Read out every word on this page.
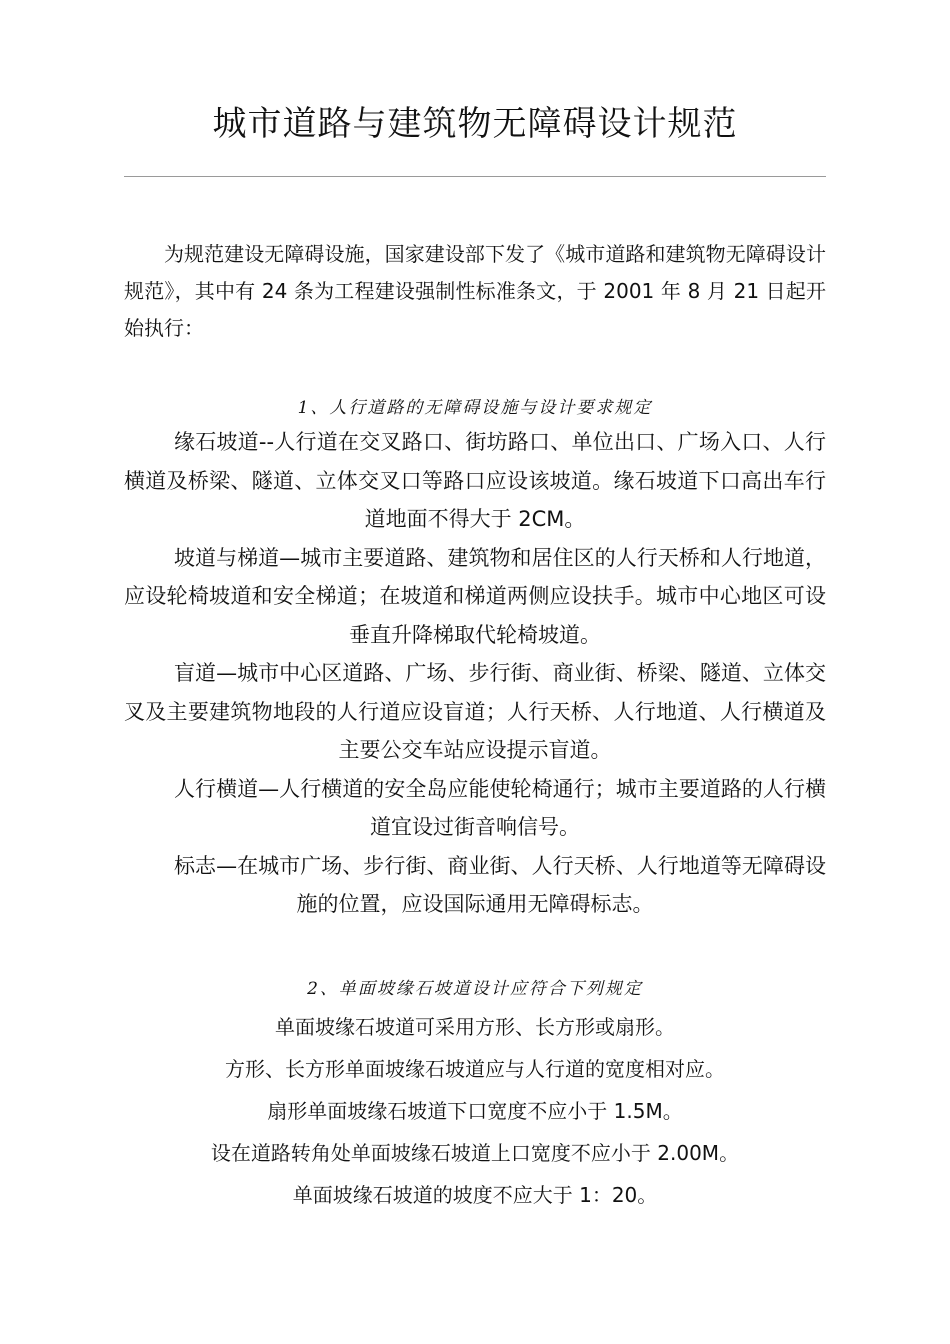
城市道路与建筑物无障碍设计规范

为规范建设无障碍设施，国家建设部下发了《城市道路和建筑物无障碍设计规范》，其中有 24 条为工程建设强制性标准条文，于 2001 年 8 月 21 日起开始执行：

1、人行道路的无障碍设施与设计要求规定

缘石坡道--人行道在交叉路口、街坊路口、单位出口、广场入口、人行横道及桥梁、隧道、立体交叉口等路口应设该坡道。缘石坡道下口高出车行道地面不得大于 2CM。

坡道与梯道—城市主要道路、建筑物和居住区的人行天桥和人行地道，应设轮椅坡道和安全梯道；在坡道和梯道两侧应设扶手。城市中心地区可设垂直升降梯取代轮椅坡道。

盲道—城市中心区道路、广场、步行街、商业街、桥梁、隧道、立体交叉及主要建筑物地段的人行道应设盲道；人行天桥、人行地道、人行横道及主要公交车站应设提示盲道。

人行横道—人行横道的安全岛应能使轮椅通行；城市主要道路的人行横道宜设过街音响信号。

标志—在城市广场、步行街、商业街、人行天桥、人行地道等无障碍设施的位置，应设国际通用无障碍标志。

2、单面坡缘石坡道设计应符合下列规定

单面坡缘石坡道可采用方形、长方形或扇形。

方形、长方形单面坡缘石坡道应与人行道的宽度相对应。

扇形单面坡缘石坡道下口宽度不应小于 1.5M。

设在道路转角处单面坡缘石坡道上口宽度不应小于 2.00M。

单面坡缘石坡道的坡度不应大于 1：20。
